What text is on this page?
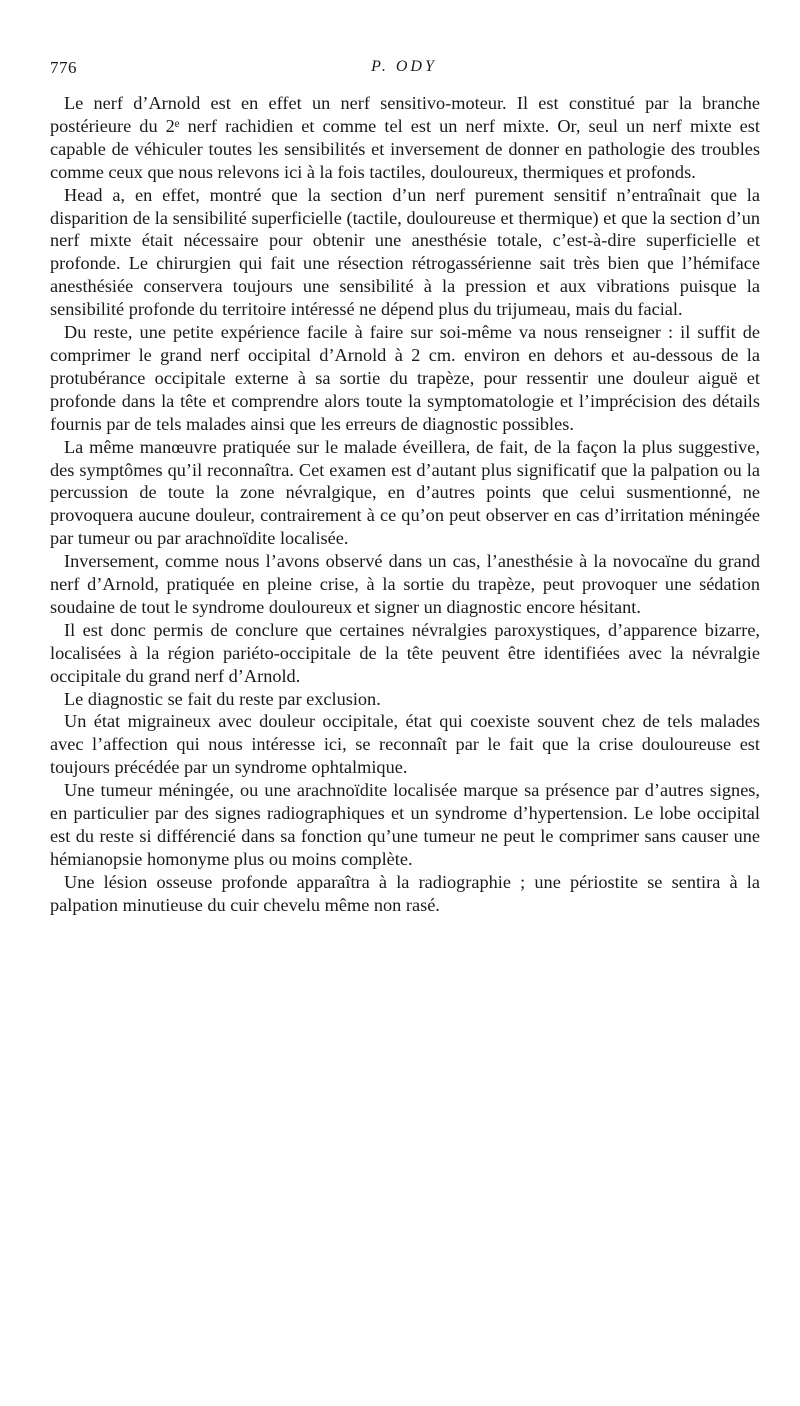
776	P. ODY

Le nerf d’Arnold est en effet un nerf sensitivo-moteur. Il est constitué par la branche postérieure du 2ᵉ nerf rachidien et comme tel est un nerf mixte. Or, seul un nerf mixte est capable de véhiculer toutes les sensibilités et inversement de donner en pathologie des troubles comme ceux que nous relevons ici à la fois tactiles, douloureux, thermiques et profonds.

Head a, en effet, montré que la section d’un nerf purement sensitif n’entraînait que la disparition de la sensibilité superficielle (tactile, douloureuse et thermique) et que la section d’un nerf mixte était nécessaire pour obtenir une anesthésie totale, c’est-à-dire superficielle et profonde. Le chirurgien qui fait une résection rétrogassérienne sait très bien que l’hémiface anesthésiée conservera toujours une sensibilité à la pression et aux vibrations puisque la sensibilité profonde du territoire intéressé ne dépend plus du trijumeau, mais du facial.

Du reste, une petite expérience facile à faire sur soi-même va nous renseigner : il suffit de comprimer le grand nerf occipital d’Arnold à 2 cm. environ en dehors et au-dessous de la protubérance occipitale externe à sa sortie du trapèze, pour ressentir une douleur aiguë et profonde dans la tête et comprendre alors toute la symptomatologie et l’imprécision des détails fournis par de tels malades ainsi que les erreurs de diagnostic possibles.

La même manœuvre pratiquée sur le malade éveillera, de fait, de la façon la plus suggestive, des symptômes qu’il reconnaîtra. Cet examen est d’autant plus significatif que la palpation ou la percussion de toute la zone névralgique, en d’autres points que celui susmentionné, ne provoquera aucune douleur, contrairement à ce qu’on peut observer en cas d’irritation méningée par tumeur ou par arachnoïdite localisée.

Inversement, comme nous l’avons observé dans un cas, l’anesthésie à la novocaïne du grand nerf d’Arnold, pratiquée en pleine crise, à la sortie du trapèze, peut provoquer une sédation soudaine de tout le syndrome douloureux et signer un diagnostic encore hésitant.

Il est donc permis de conclure que certaines névralgies paroxystiques, d’apparence bizarre, localisées à la région pariéto-occipitale de la tête peuvent être identifiées avec la névralgie occipitale du grand nerf d’Arnold.

Le diagnostic se fait du reste par exclusion.

Un état migraineux avec douleur occipitale, état qui coexiste souvent chez de tels malades avec l’affection qui nous intéresse ici, se reconnaît par le fait que la crise douloureuse est toujours précédée par un syndrome ophtalmique.

Une tumeur méningée, ou une arachnoïdite localisée marque sa présence par d’autres signes, en particulier par des signes radiographiques et un syndrome d’hypertension. Le lobe occipital est du reste si différencié dans sa fonction qu’une tumeur ne peut le comprimer sans causer une hémianopsie homonyme plus ou moins complète.

Une lésion osseuse profonde apparaîtra à la radiographie ; une périostite se sentira à la palpation minutieuse du cuir chevelu même non rasé.
